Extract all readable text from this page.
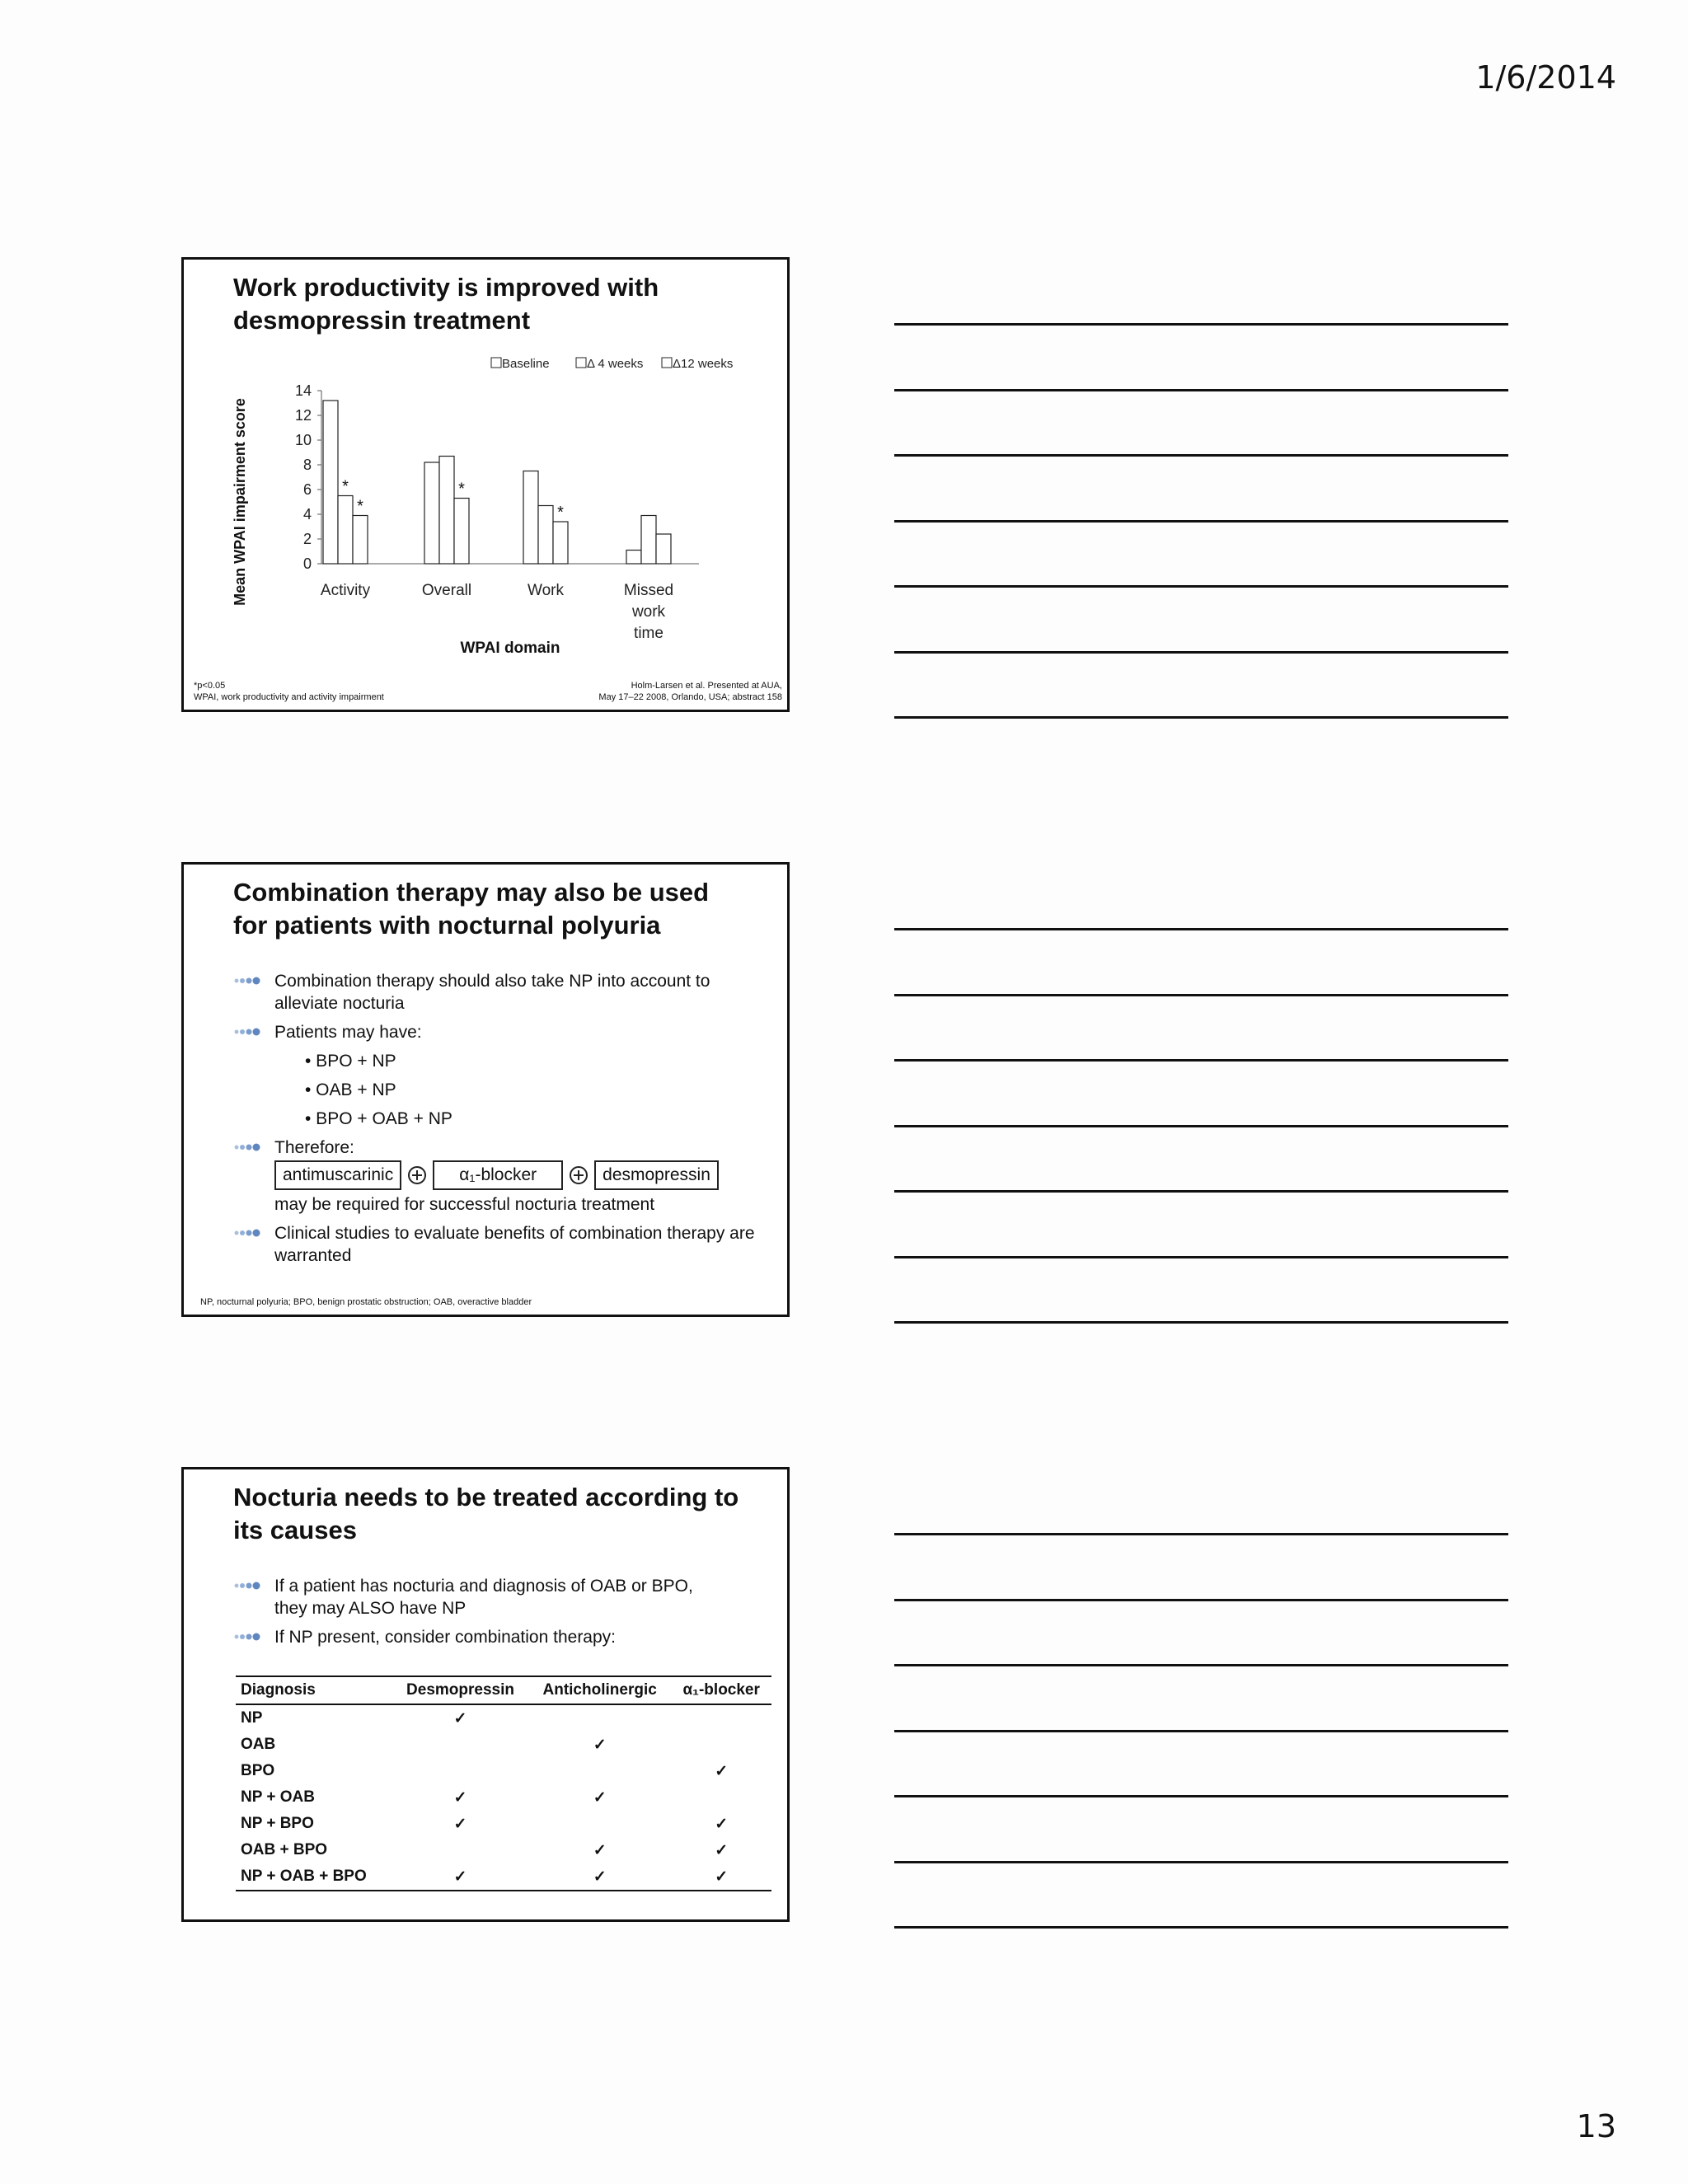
1/6/2014
Work productivity is improved with desmopressin treatment
0
2
4
6
8
10
12
14
Mean WPAI impairment score	*
*
Activity
*
Overall
*
Work	Missed
work
time
WPAI domain
Baseline	Δ 4 weeks Δ12 weeks
*p<0.05
WPAI, work productivity and activity impairment
Holm-Larsen et al. Presented at AUA,
May 17–22 2008, Orlando, USA; abstract 158
Combination therapy may also be used for patients with nocturnal polyuria
Combination therapy should also take NP into account to alleviate nocturia
Patients may have:
• BPO + NP
• OAB + NP
• BPO + OAB + NP
Therefore:
antimuscarinic	α₁-blocker	desmopressin
may be required for successful nocturia treatment
Clinical studies to evaluate benefits of combination therapy are warranted
NP, nocturnal polyuria; BPO, benign prostatic obstruction; OAB, overactive bladder
Nocturia needs to be treated according to its causes
If a patient has nocturia and diagnosis of OAB or BPO, they may ALSO have NP
If NP present, consider combination therapy:
Diagnosis	Desmopressin	Anticholinergic	α₁-blocker
NP	✓		
OAB		✓	
BPO			✓
NP + OAB	✓	✓	
NP + BPO	✓		✓
OAB + BPO		✓	✓
NP + OAB + BPO	✓	✓	✓
13
